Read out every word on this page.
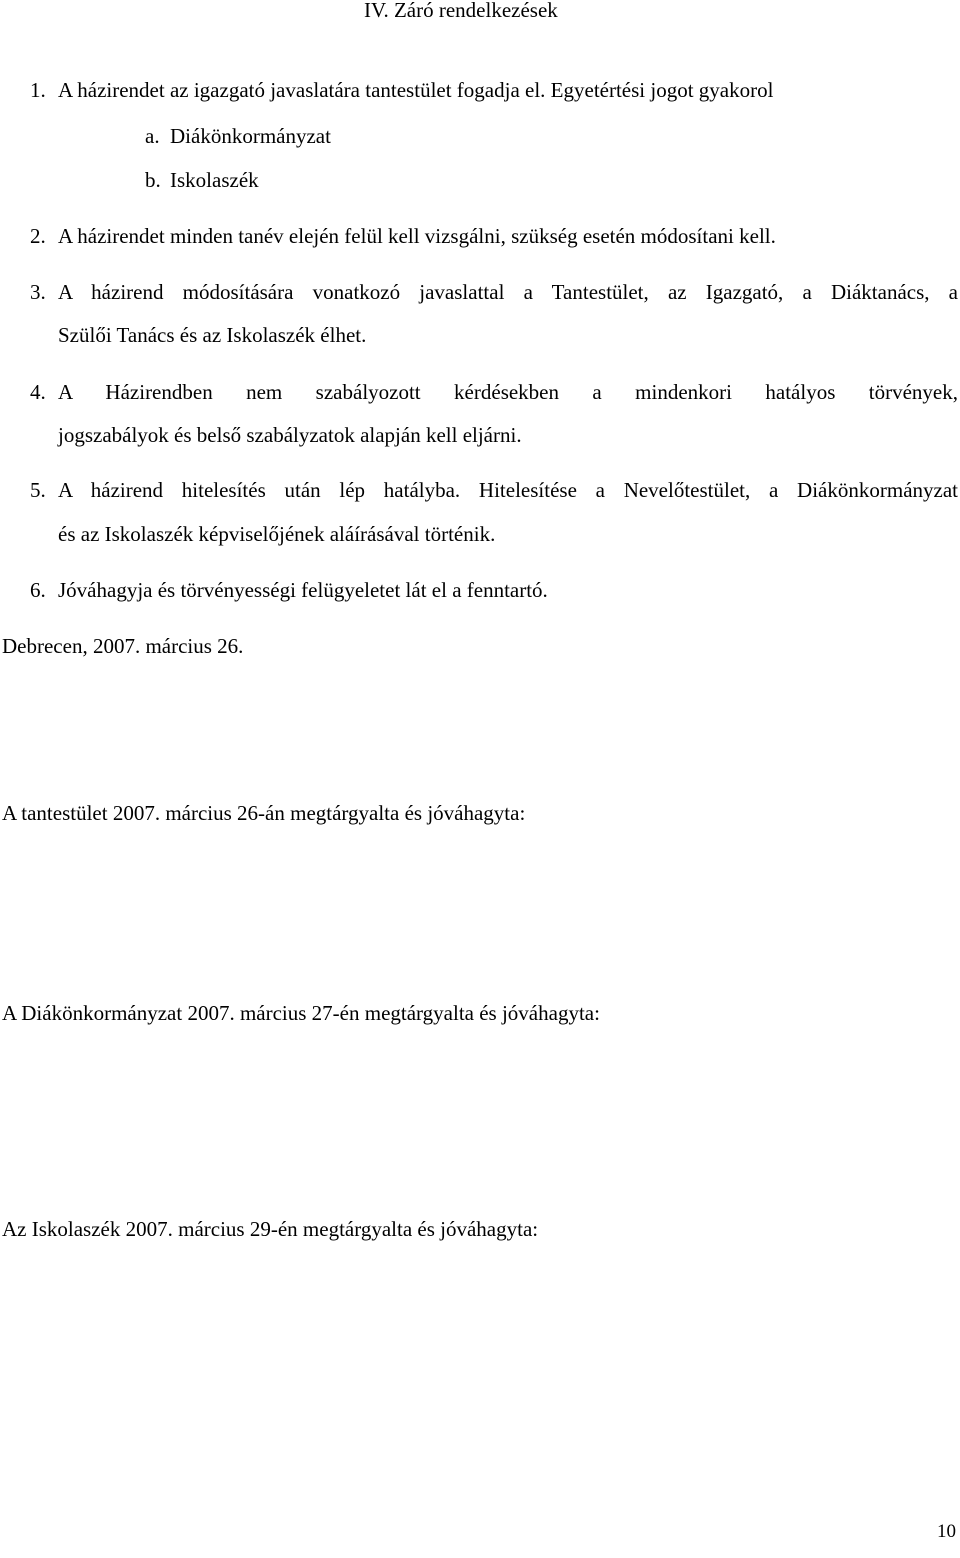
IV. Záró rendelkezések
1. A házirendet az igazgató javaslatára tantestület fogadja el. Egyetértési jogot gyakorol
a. Diákönkormányzat
b. Iskolaszék
2. A házirendet minden tanév elején felül kell vizsgálni, szükség esetén módosítani kell.
3. A házirend módosítására vonatkozó javaslattal a Tantestület, az Igazgató, a Diáktanács, a
Szülői Tanács és az Iskolaszék élhet.
4. A Házirendben nem szabályozott kérdésekben a mindenkori hatályos törvények,
jogszabályok és belső szabályzatok alapján kell eljárni.
5. A házirend hitelesítés után lép hatályba. Hitelesítése a Nevelőtestület, a Diákönkormányzat
és az Iskolaszék képviselőjének aláírásával történik.
6. Jóváhagyja és törvényességi felügyeletet lát el a fenntartó.
Debrecen, 2007. március 26.
A tantestület 2007. március 26-án megtárgyalta és jóváhagyta:
A Diákönkormányzat 2007. március 27-én megtárgyalta és jóváhagyta:
Az Iskolaszék 2007. március 29-én megtárgyalta és jóváhagyta:
10
